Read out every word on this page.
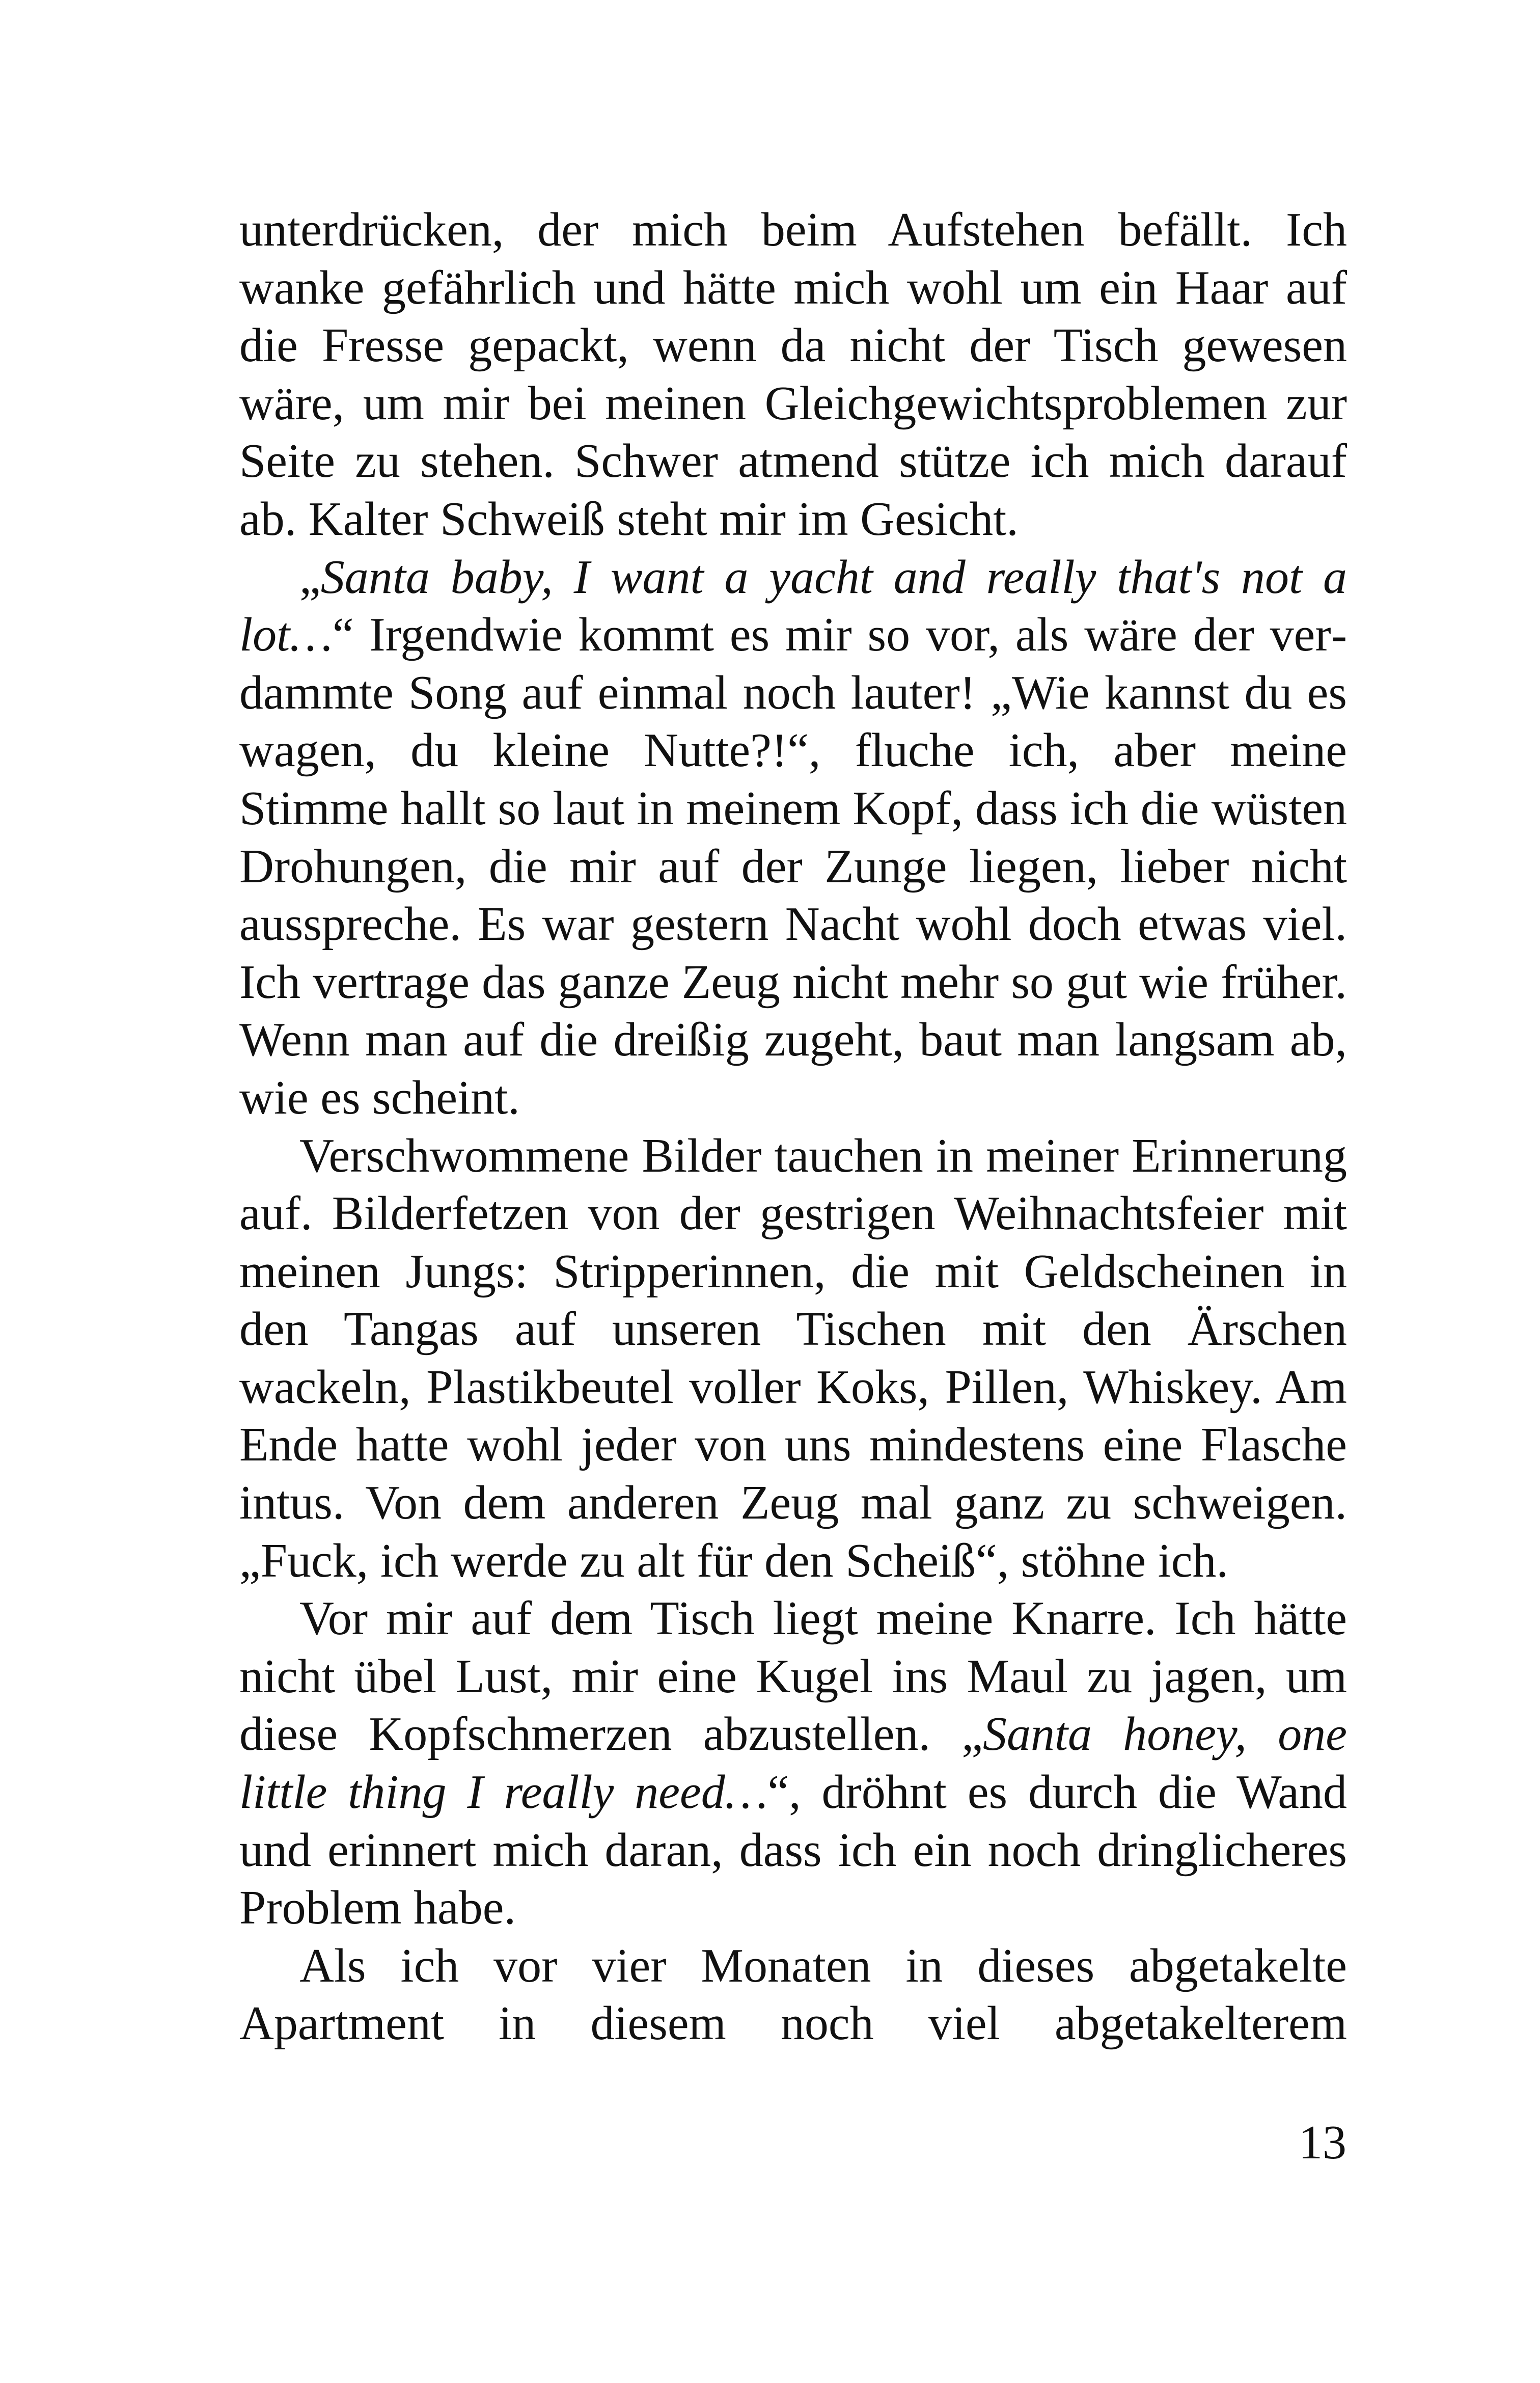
unterdrücken, der mich beim Aufstehen befällt. Ich wanke gefährlich und hätte mich wohl um ein Haar auf die Fresse gepackt, wenn da nicht der Tisch gewesen wäre, um mir bei meinen Gleichgewichtsproblemen zur Seite zu stehen. Schwer atmend stütze ich mich darauf ab. Kalter Schweiß steht mir im Gesicht.

„Santa baby, I want a yacht and really that's not a lot…“ Irgendwie kommt es mir so vor, als wäre der verdammte Song auf einmal noch lauter! „Wie kannst du es wagen, du kleine Nutte?!“, fluche ich, aber meine Stimme hallt so laut in meinem Kopf, dass ich die wüsten Drohungen, die mir auf der Zunge liegen, lieber nicht ausspreche. Es war gestern Nacht wohl doch etwas viel. Ich vertrage das ganze Zeug nicht mehr so gut wie früher. Wenn man auf die dreißig zugeht, baut man langsam ab, wie es scheint.

Verschwommene Bilder tauchen in meiner Erinnerung auf. Bilderfetzen von der gestrigen Weihnachtsfeier mit meinen Jungs: Stripperinnen, die mit Geldscheinen in den Tangas auf unseren Tischen mit den Ärschen wackeln, Plastikbeutel voller Koks, Pillen, Whiskey. Am Ende hatte wohl jeder von uns mindestens eine Flasche intus. Von dem anderen Zeug mal ganz zu schweigen. „Fuck, ich werde zu alt für den Scheiß“, stöhne ich.

Vor mir auf dem Tisch liegt meine Knarre. Ich hätte nicht übel Lust, mir eine Kugel ins Maul zu jagen, um diese Kopfschmerzen abzustellen. „Santa honey, one little thing I really need…“, dröhnt es durch die Wand und erinnert mich daran, dass ich ein noch dringlicheres Problem habe.

Als ich vor vier Monaten in dieses abgetakelte Apartment in diesem noch viel abgetakelterem

13
